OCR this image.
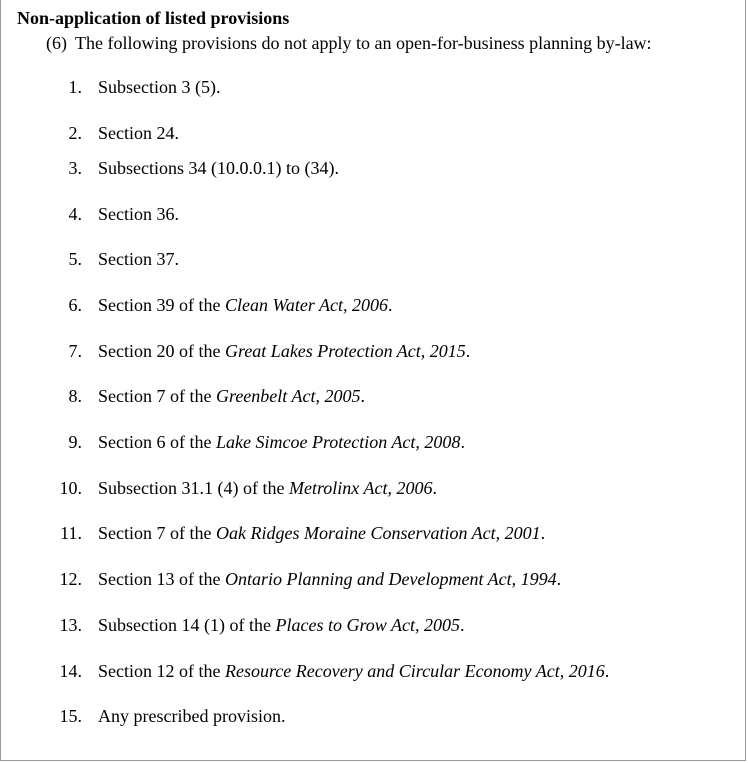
Non-application of listed provisions

(6) The following provisions do not apply to an open-for-business planning by-law:

1. Subsection 3 (5).
2. Section 24.
3. Subsections 34 (10.0.0.1) to (34).
4. Section 36.
5. Section 37.
6. Section 39 of the Clean Water Act, 2006.
7. Section 20 of the Great Lakes Protection Act, 2015.
8. Section 7 of the Greenbelt Act, 2005.
9. Section 6 of the Lake Simcoe Protection Act, 2008.
10. Subsection 31.1 (4) of the Metrolinx Act, 2006.
11. Section 7 of the Oak Ridges Moraine Conservation Act, 2001.
12. Section 13 of the Ontario Planning and Development Act, 1994.
13. Subsection 14 (1) of the Places to Grow Act, 2005.
14. Section 12 of the Resource Recovery and Circular Economy Act, 2016.
15. Any prescribed provision.
